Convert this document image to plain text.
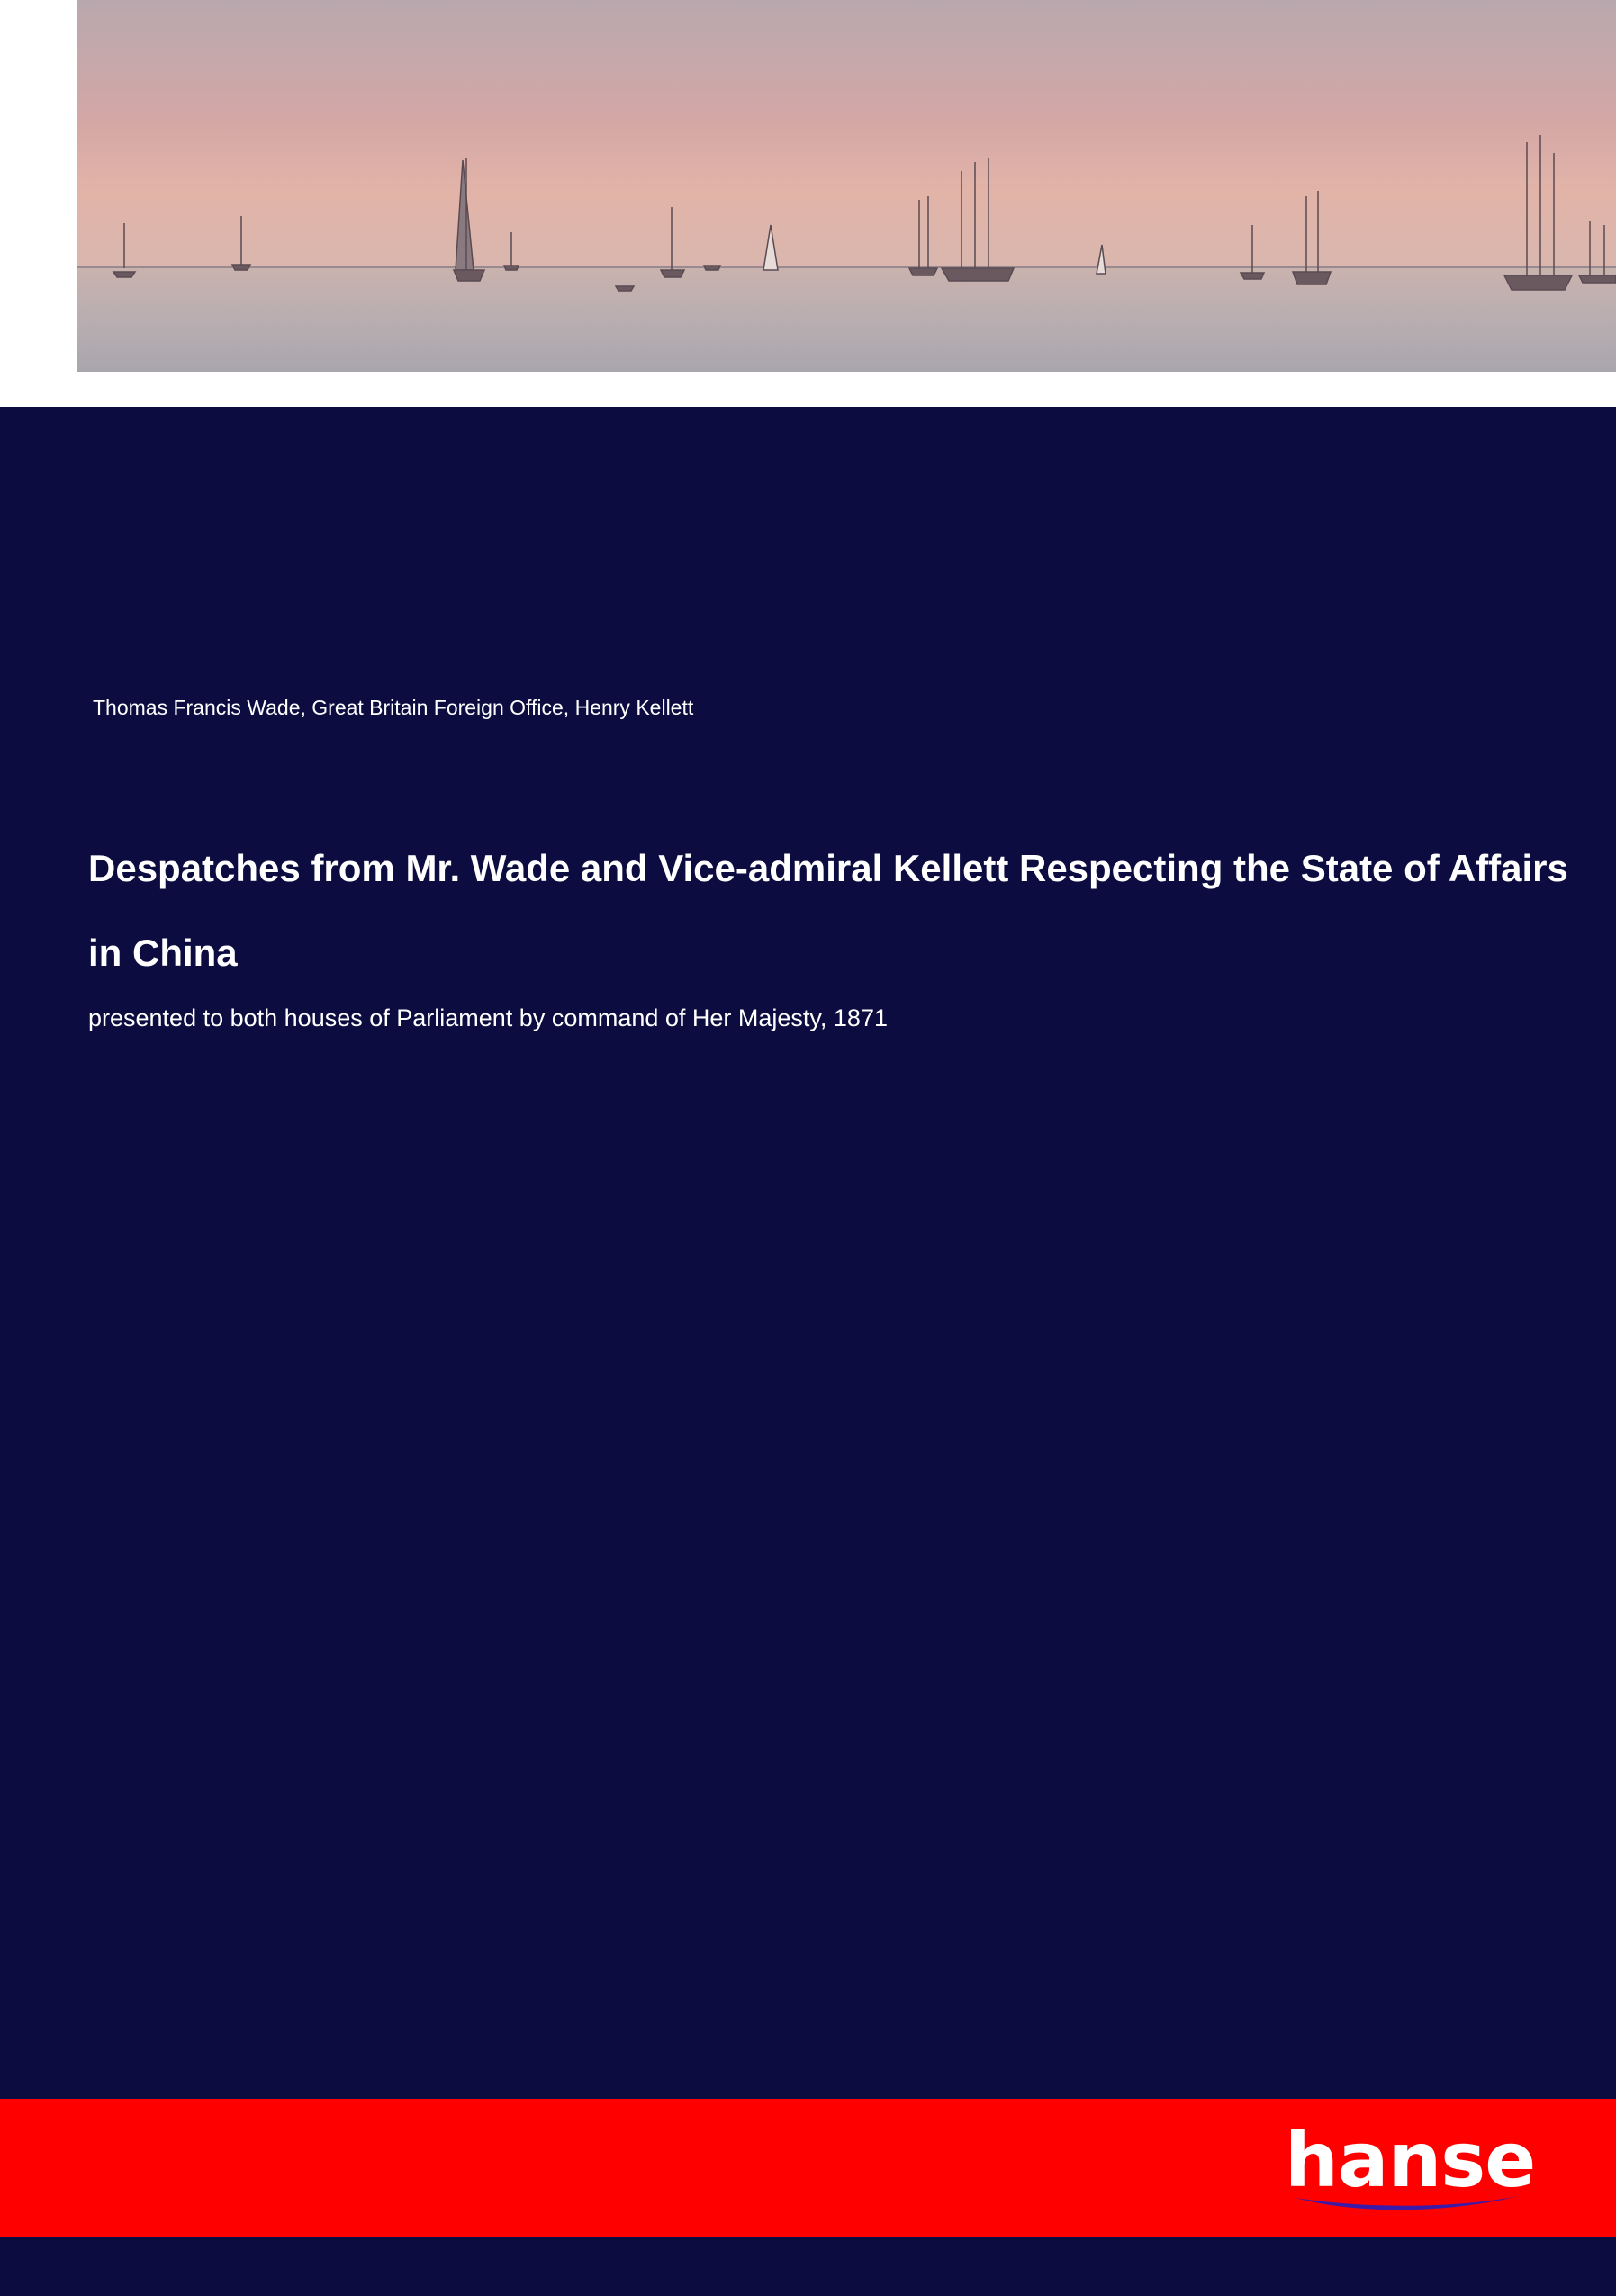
Thomas Francis Wade, Great Britain Foreign Office, Henry Kellett
Despatches from Mr. Wade and Vice-admiral Kellett Respecting the State of Affairs in China

presented to both houses of Parliament by command of Her Majesty, 1871

hanse
